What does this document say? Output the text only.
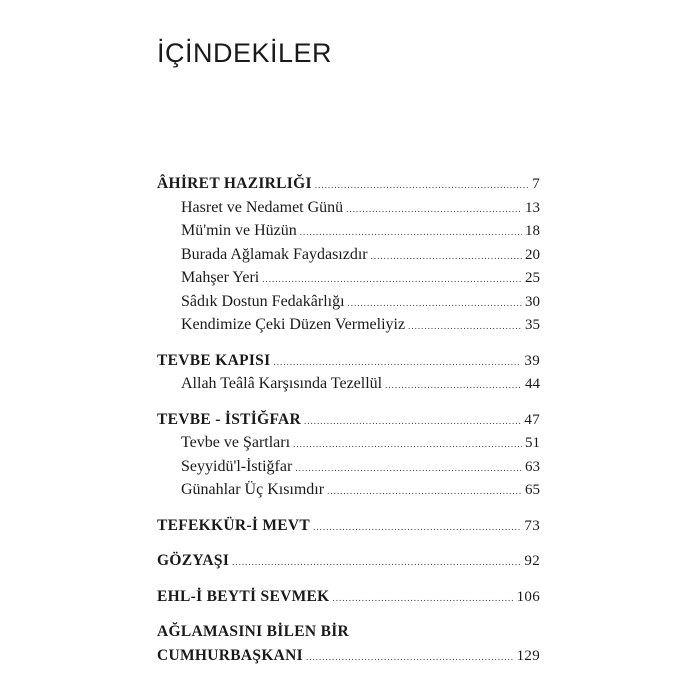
İÇİNDEKİLER
ÂHİRET HAZIRLIĞI .....	7
Hasret ve Nedamet Günü .....	13
Mü'min ve Hüzün .....	18
Burada Ağlamak Faydasızdır .....	20
Mahşer Yeri .....	25
Sâdık Dostun Fedakârlığı .....	30
Kendimize Çeki Düzen Vermeliyiz .....	35
TEVBE KAPISI .....	39
Allah Teâlâ Karşısında Tezellül .....	44
TEVBE - İSTİĞFAR .....	47
Tevbe ve Şartları .....	51
Seyyidü'l-İstiğfar .....	63
Günahlar Üç Kısımdır .....	65
TEFEKKÜR-İ MEVT .....	73
GÖZYAŞI .....	92
EHL-İ BEYTİ SEVMEK .....	106
AĞLAMASINI BİLEN BİR
CUMHURBAŞKANI .....	129
